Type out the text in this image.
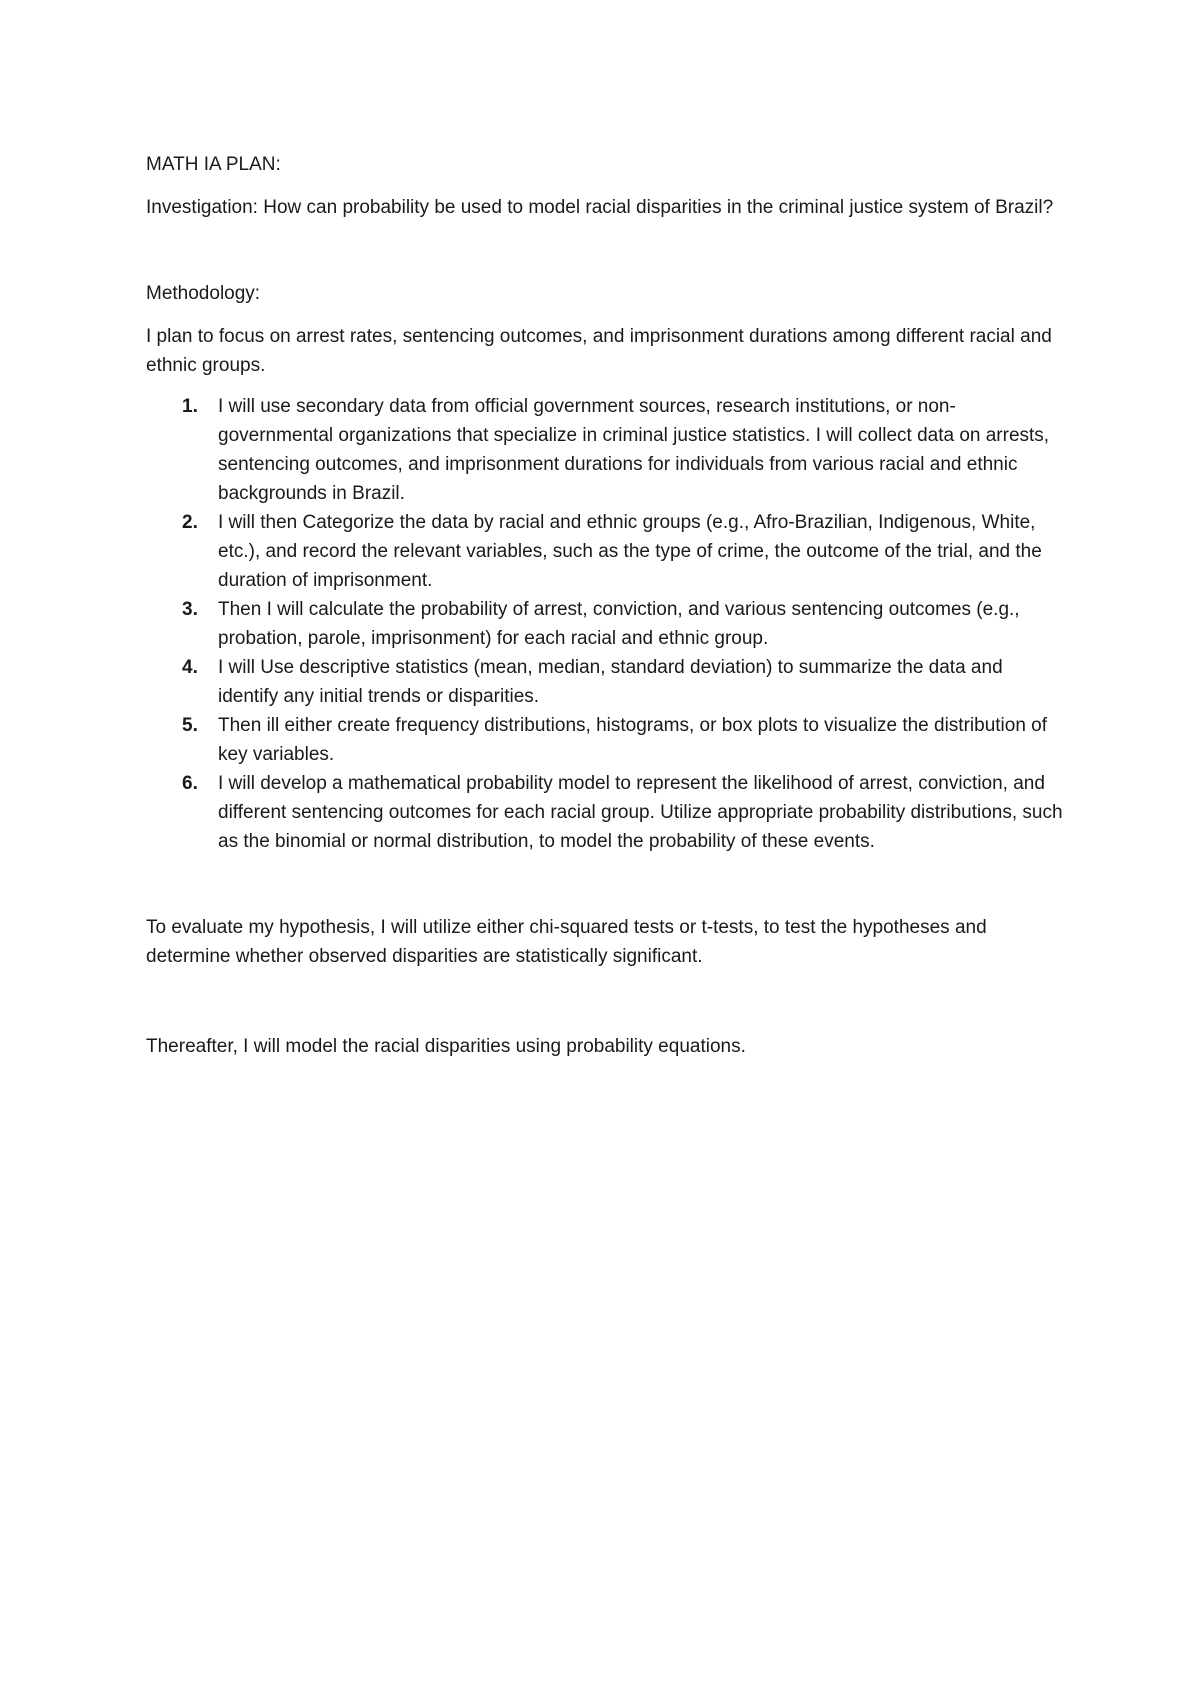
MATH IA PLAN:

Investigation: How can probability be used to model racial disparities in the criminal justice system of Brazil?

Methodology:

I plan to focus on arrest rates, sentencing outcomes, and imprisonment durations among different racial and ethnic groups.

1.	I will use secondary data from official government sources, research institutions, or non-governmental organizations that specialize in criminal justice statistics. I will collect data on arrests, sentencing outcomes, and imprisonment durations for individuals from various racial and ethnic backgrounds in Brazil.
2.	I will then Categorize the data by racial and ethnic groups (e.g., Afro-Brazilian, Indigenous, White, etc.), and record the relevant variables, such as the type of crime, the outcome of the trial, and the duration of imprisonment.
3.	Then I will calculate the probability of arrest, conviction, and various sentencing outcomes (e.g., probation, parole, imprisonment) for each racial and ethnic group.
4.	I will Use descriptive statistics (mean, median, standard deviation) to summarize the data and identify any initial trends or disparities.
5.	Then ill either create frequency distributions, histograms, or box plots to visualize the distribution of key variables.
6.	I will develop a mathematical probability model to represent the likelihood of arrest, conviction, and different sentencing outcomes for each racial group. Utilize appropriate probability distributions, such as the binomial or normal distribution, to model the probability of these events.

To evaluate my hypothesis, I will utilize either chi-squared tests or t-tests, to test the hypotheses and determine whether observed disparities are statistically significant.

Thereafter, I will model the racial disparities using probability equations.
